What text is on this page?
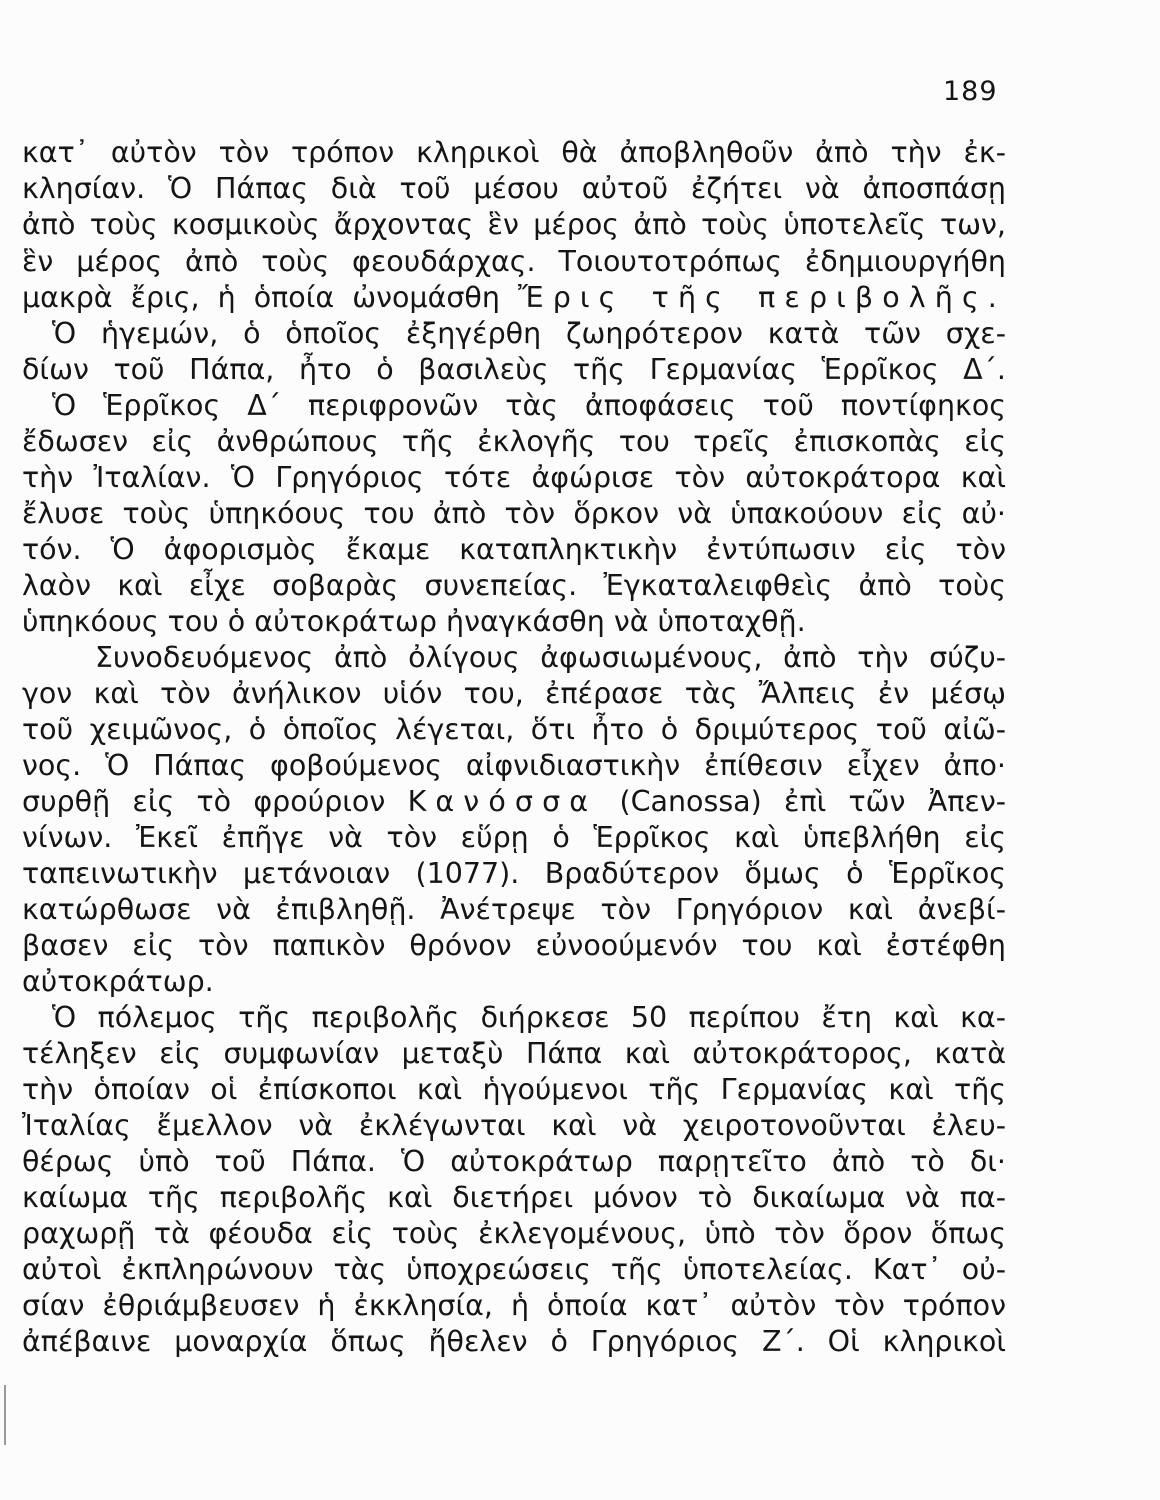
189
κατ᾽ αὐτὸν τὸν τρόπον κληρικοὶ θὰ ἀποβληθοῦν ἀπὸ τὴν ἐκ-
κλησίαν. Ὁ Πάπας διὰ τοῦ μέσου αὐτοῦ ἐζήτει νὰ ἀποσπάσῃ
ἀπὸ τοὺς κοσμικοὺς ἄρχοντας ἓν μέρος ἀπὸ τοὺς ὑποτελεῖς των,
ἓν μέρος ἀπὸ τοὺς φεουδάρχας. Τοιουτοτρόπως ἐδημιουργήθη
μακρὰ ἔρις, ἡ ὁποία ὠνομάσθη Ἔρις τῆς περιβολῆς.
Ὁ ἡγεμών, ὁ ὁποῖος ἐξηγέρθη ζωηρότερον κατὰ τῶν σχε-
δίων τοῦ Πάπα, ἦτο ὁ βασιλεὺς τῆς Γερμανίας Ἑρρῖκος Δ΄.
Ὁ Ἑρρῖκος Δ΄ περιφρονῶν τὰς ἀποφάσεις τοῦ ποντίφηκος
ἔδωσεν εἰς ἀνθρώπους τῆς ἐκλογῆς του τρεῖς ἐπισκοπὰς εἰς
τὴν Ἰταλίαν. Ὁ Γρηγόριος τότε ἀφώρισε τὸν αὐτοκράτορα καὶ
ἔλυσε τοὺς ὑπηκόους του ἀπὸ τὸν ὅρκον νὰ ὑπακούουν εἰς αὐ·
τόν. Ὁ ἀφορισμὸς ἔκαμε καταπληκτικὴν ἐντύπωσιν εἰς τὸν
λαὸν καὶ εἶχε σοβαρὰς συνεπείας. Ἐγκαταλειφθεὶς ἀπὸ τοὺς
ὑπηκόους του ὁ αὐτοκράτωρ ἠναγκάσθη νὰ ὑποταχθῇ.
Συνοδευόμενος ἀπὸ ὀλίγους ἀφωσιωμένους, ἀπὸ τὴν σύζυ-
γον καὶ τὸν ἀνήλικον υἱόν του, ἐπέρασε τὰς Ἄλπεις ἐν μέσῳ
τοῦ χειμῶνος, ὁ ὁποῖος λέγεται, ὅτι ἦτο ὁ δριμύτερος τοῦ αἰῶ-
νος. Ὁ Πάπας φοβούμενος αἰφνιδιαστικὴν ἐπίθεσιν εἶχεν ἀπο·
συρθῇ εἰς τὸ φρούριον Κανόσσα (Canossa) ἐπὶ τῶν Ἀπεν-
νίνων. Ἐκεῖ ἐπῆγε νὰ τὸν εὕρῃ ὁ Ἑρρῖκος καὶ ὑπεβλήθη εἰς
ταπεινωτικὴν μετάνοιαν (1077). Βραδύτερον ὅμως ὁ Ἑρρῖκος
κατώρθωσε νὰ ἐπιβληθῇ. Ἀνέτρεψε τὸν Γρηγόριον καὶ ἀνεβί-
βασεν εἰς τὸν παπικὸν θρόνον εὐνοούμενόν του καὶ ἐστέφθη
αὐτοκράτωρ.
Ὁ πόλεμος τῆς περιβολῆς διήρκεσε 50 περίπου ἔτη καὶ κα-
τέληξεν εἰς συμφωνίαν μεταξὺ Πάπα καὶ αὐτοκράτορος, κατὰ
τὴν ὁποίαν οἱ ἐπίσκοποι καὶ ἡγούμενοι τῆς Γερμανίας καὶ τῆς
Ἰταλίας ἔμελλον νὰ ἐκλέγωνται καὶ νὰ χειροτονοῦνται ἐλευ-
θέρως ὑπὸ τοῦ Πάπα. Ὁ αὐτοκράτωρ παρῃτεῖτο ἀπὸ τὸ δι·
καίωμα τῆς περιβολῆς καὶ διετήρει μόνον τὸ δικαίωμα νὰ πα-
ραχωρῇ τὰ φέουδα εἰς τοὺς ἐκλεγομένους, ὑπὸ τὸν ὅρον ὅπως
αὐτοὶ ἐκπληρώνουν τὰς ὑποχρεώσεις τῆς ὑποτελείας. Κατ᾽ οὐ-
σίαν ἐθριάμβευσεν ἡ ἐκκλησία, ἡ ὁποία κατ᾽ αὐτὸν τὸν τρόπον
ἀπέβαινε μοναρχία ὅπως ἤθελεν ὁ Γρηγόριος Ζ΄. Οἱ κληρικοὶ
